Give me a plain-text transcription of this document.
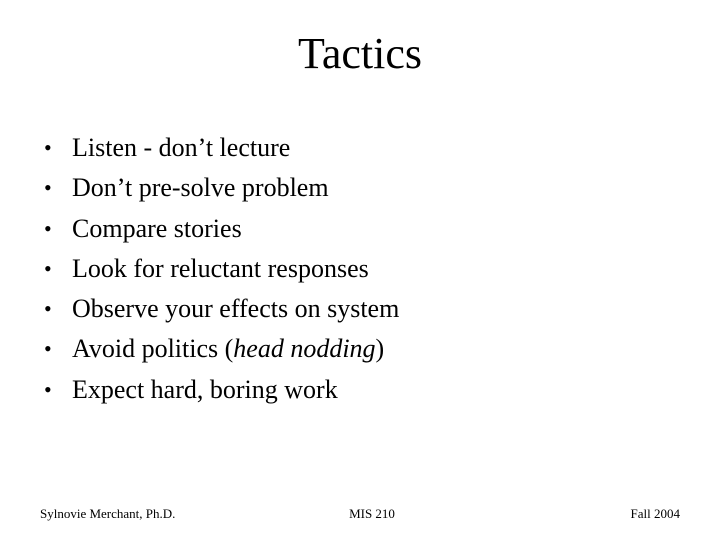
Tactics
• Listen - don’t lecture
• Don’t pre-solve problem
• Compare stories
• Look for reluctant responses
• Observe your effects on system
• Avoid politics (head nodding)
• Expect hard, boring work
Sylnovie Merchant, Ph.D.	MIS 210	Fall 2004
